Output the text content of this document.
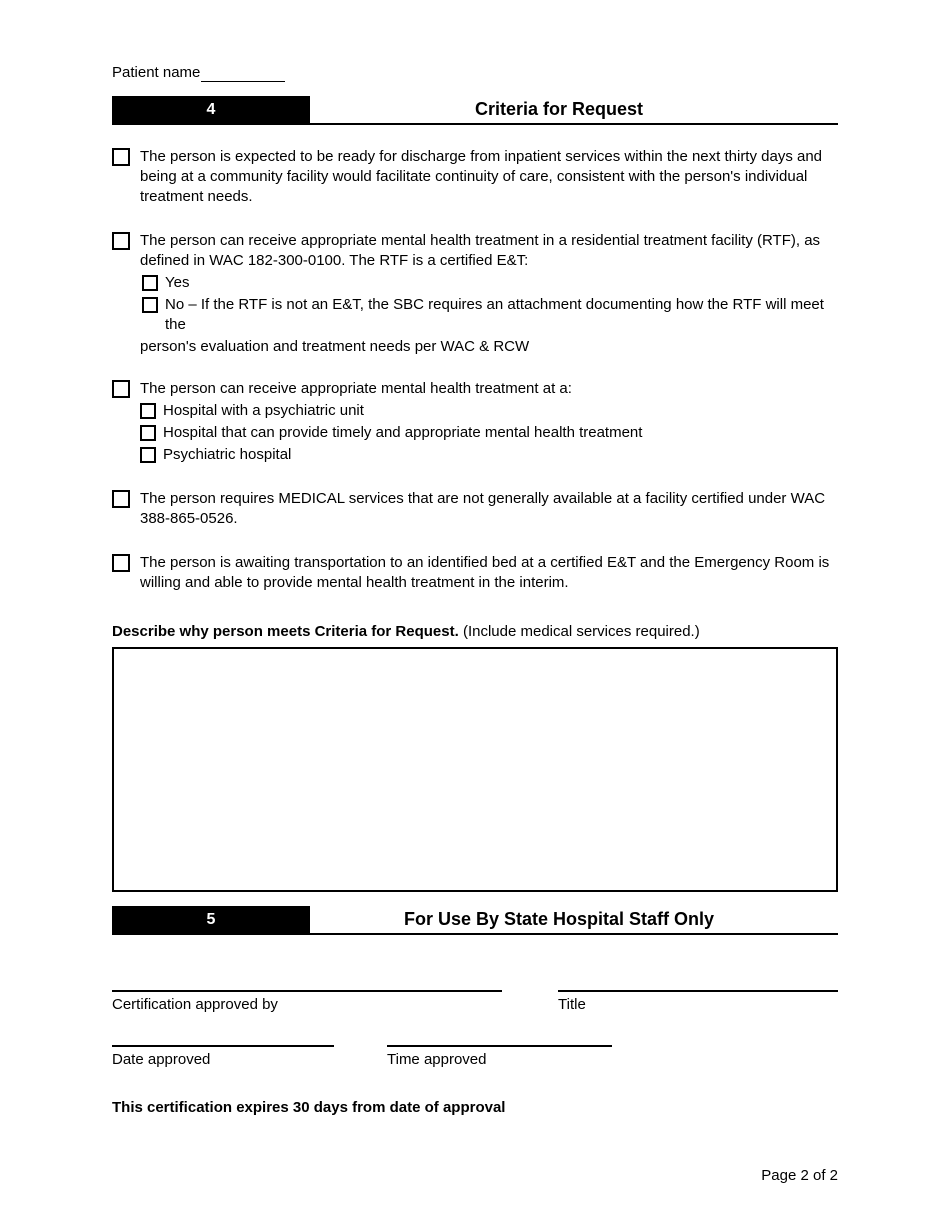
Patient name
4	Criteria for Request
The person is expected to be ready for discharge from inpatient services within the next thirty days and being at a community facility would facilitate continuity of care, consistent with the person's individual treatment needs.
The person can receive appropriate mental health treatment in a residential treatment facility (RTF), as defined in WAC 182-300-0100. The RTF is a certified E&T:
Yes
No – If the RTF is not an E&T, the SBC requires an attachment documenting how the RTF will meet the
person's evaluation and treatment needs per WAC & RCW
The person can receive appropriate mental health treatment at a:
Hospital with a psychiatric unit
Hospital that can provide timely and appropriate mental health treatment
Psychiatric hospital
The person requires MEDICAL services that are not generally available at a facility certified under WAC 388-865-0526.
The person is awaiting transportation to an identified bed at a certified E&T and the Emergency Room is willing and able to provide mental health treatment in the interim.
Describe why person meets Criteria for Request. (Include medical services required.)
5	For Use By State Hospital Staff Only
Certification approved by	Title
Date approved	Time approved
This certification expires 30 days from date of approval
Page 2 of 2
